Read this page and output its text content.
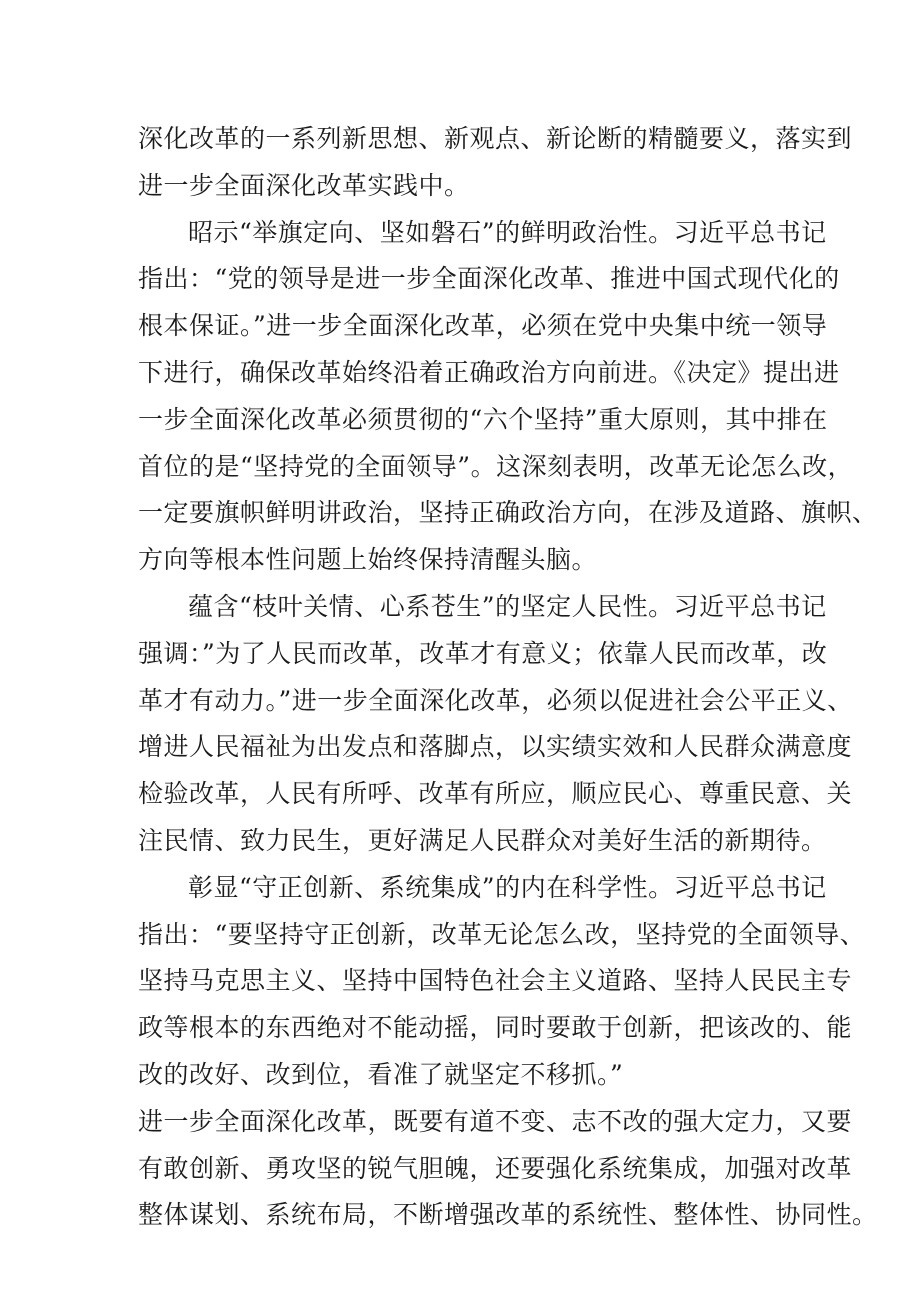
深化改革的一系列新思想、新观点、新论断的精髓要义，落实到
进一步全面深化改革实践中。
昭示“举旗定向、坚如磐石”的鲜明政治性。习近平总书记
指出：“党的领导是进一步全面深化改革、推进中国式现代化的
根本保证。”进一步全面深化改革，必须在党中央集中统一领导
下进行，确保改革始终沿着正确政治方向前进。《决定》提出进
一步全面深化改革必须贯彻的“六个坚持”重大原则，其中排在
首位的是“坚持党的全面领导”。这深刻表明，改革无论怎么改，
一定要旗帜鲜明讲政治，坚持正确政治方向，在涉及道路、旗帜、
方向等根本性问题上始终保持清醒头脑。
蕴含“枝叶关情、心系苍生”的坚定人民性。习近平总书记
强调：”为了人民而改革，改革才有意义；依靠人民而改革，改
革才有动力。”进一步全面深化改革，必须以促进社会公平正义、
增进人民福祉为出发点和落脚点，以实绩实效和人民群众满意度
检验改革，人民有所呼、改革有所应，顺应民心、尊重民意、关
注民情、致力民生，更好满足人民群众对美好生活的新期待。
彰显“守正创新、系统集成”的内在科学性。习近平总书记
指出：“要坚持守正创新，改革无论怎么改，坚持党的全面领导、
坚持马克思主义、坚持中国特色社会主义道路、坚持人民民主专
政等根本的东西绝对不能动摇，同时要敢于创新，把该改的、能
改的改好、改到位，看准了就坚定不移抓。”
进一步全面深化改革，既要有道不变、志不改的强大定力，又要
有敢创新、勇攻坚的锐气胆魄，还要强化系统集成，加强对改革
整体谋划、系统布局，不断增强改革的系统性、整体性、协同性。
